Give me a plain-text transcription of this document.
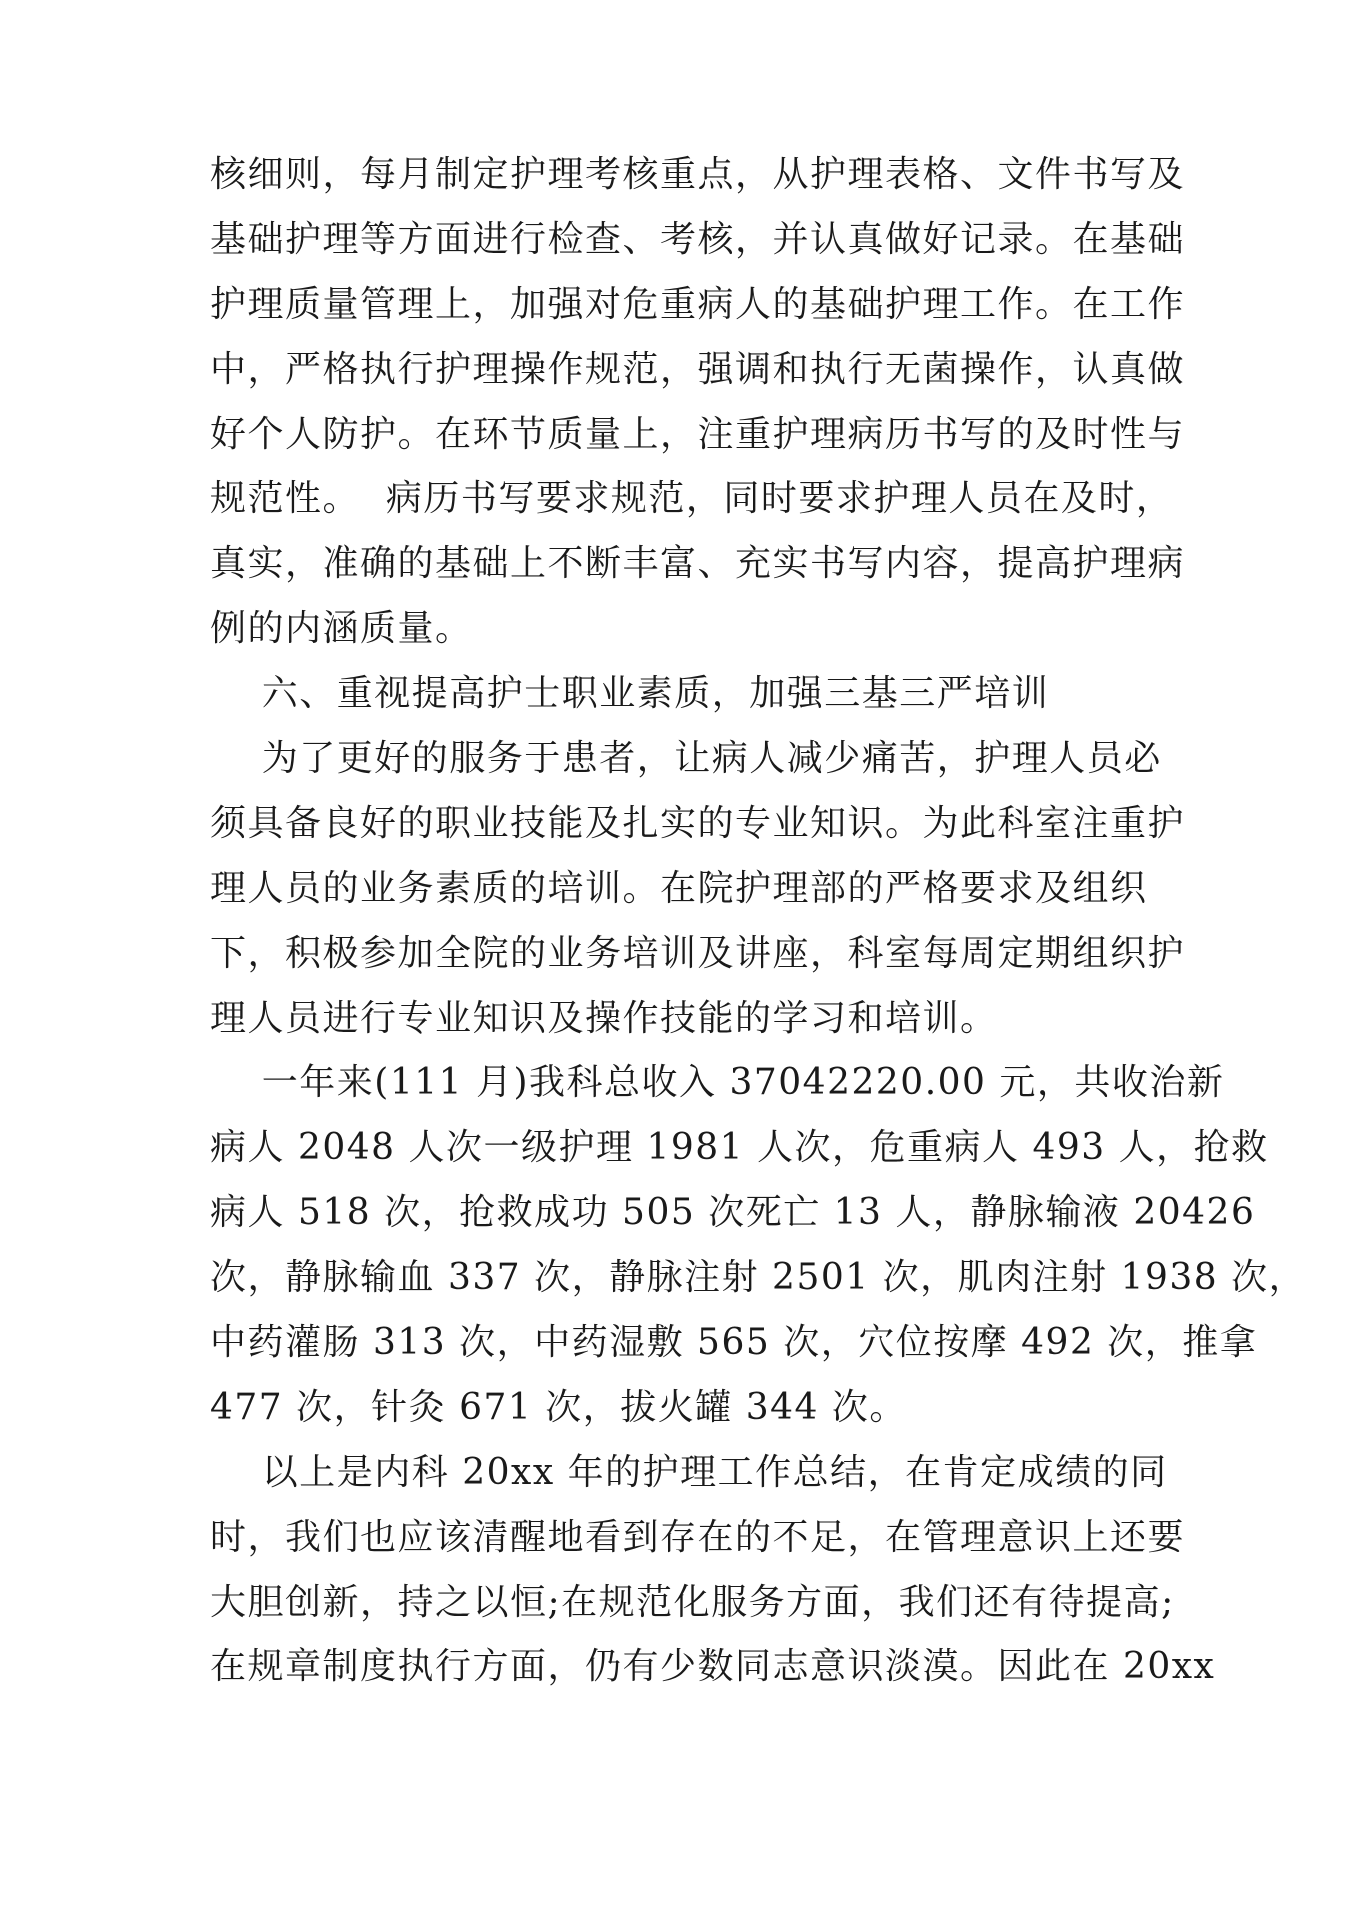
核细则，每月制定护理考核重点，从护理表格、文件书写及
基础护理等方面进行检查、考核，并认真做好记录。在基础
护理质量管理上，加强对危重病人的基础护理工作。在工作
中，严格执行护理操作规范，强调和执行无菌操作，认真做
好个人防护。在环节质量上，注重护理病历书写的及时性与
规范性。  病历书写要求规范，同时要求护理人员在及时，
真实，准确的基础上不断丰富、充实书写内容，提高护理病
例的内涵质量。
六、重视提高护士职业素质，加强三基三严培训
为了更好的服务于患者，让病人减少痛苦，护理人员必
须具备良好的职业技能及扎实的专业知识。为此科室注重护
理人员的业务素质的培训。在院护理部的严格要求及组织
下，积极参加全院的业务培训及讲座，科室每周定期组织护
理人员进行专业知识及操作技能的学习和培训。
一年来(111 月)我科总收入 37042220.00 元，共收治新
病人 2048 人次一级护理 1981 人次，危重病人 493 人，抢救
病人 518 次，抢救成功 505 次死亡 13 人，静脉输液 20426
次，静脉输血 337 次，静脉注射 2501 次，肌肉注射 1938 次，
中药灌肠 313 次，中药湿敷 565 次，穴位按摩 492 次，推拿
477 次，针灸 671 次，拔火罐 344 次。
以上是内科 20xx 年的护理工作总结，在肯定成绩的同
时，我们也应该清醒地看到存在的不足，在管理意识上还要
大胆创新，持之以恒;在规范化服务方面，我们还有待提高;
在规章制度执行方面，仍有少数同志意识淡漠。因此在 20xx
